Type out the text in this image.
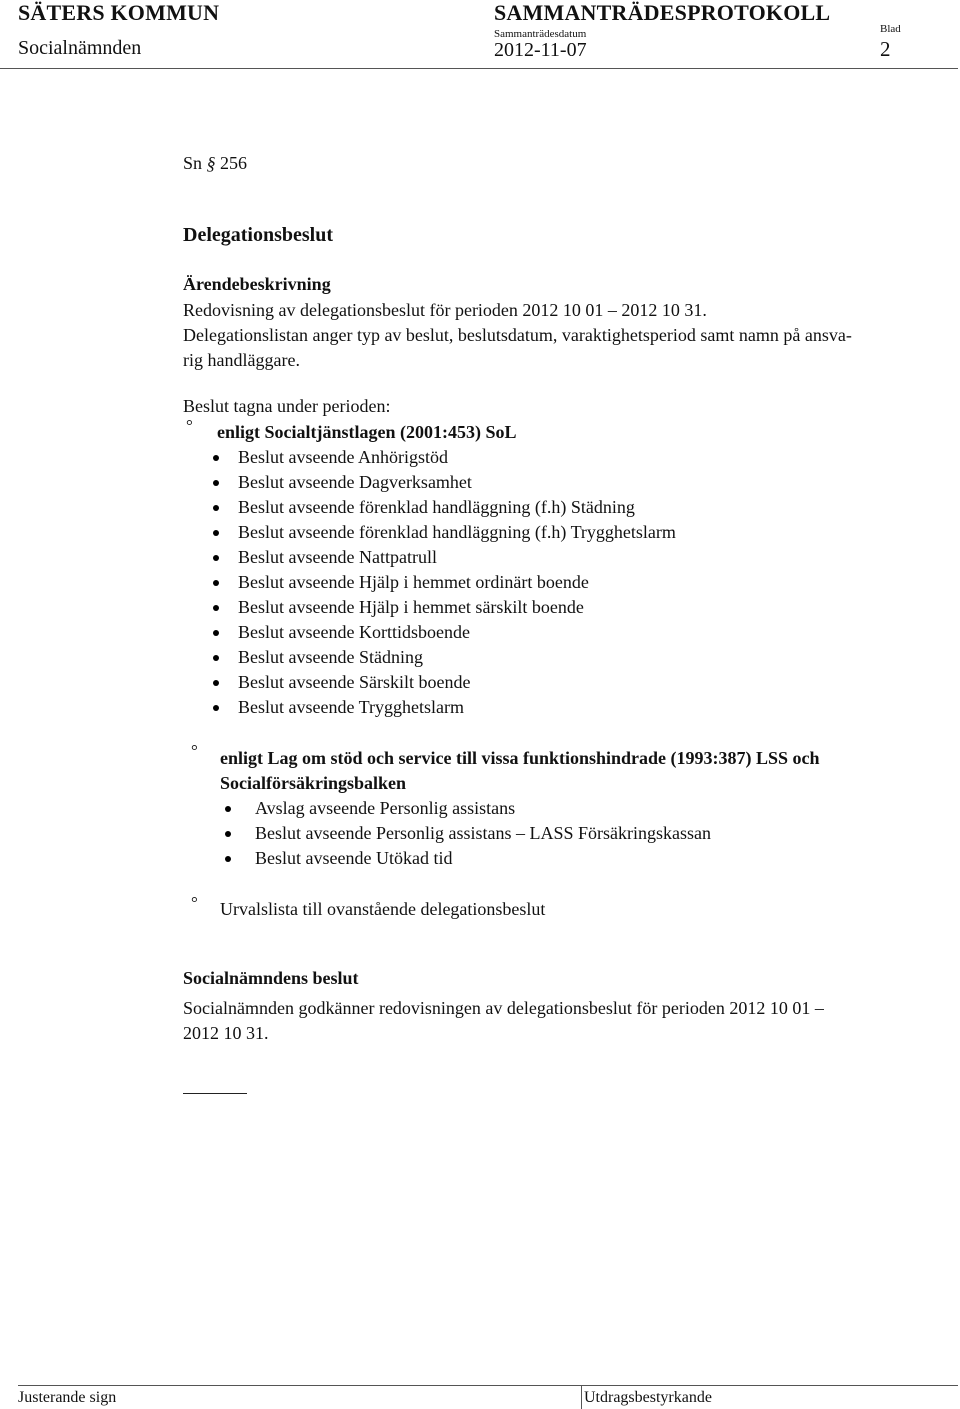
SÄTERS KOMMUN
Socialnämnden
SAMMANTRÄDESPROTOKOLL
Sammanträdesdatum
2012-11-07
Blad
2
Sn § 256
Delegationsbeslut
Ärendebeskrivning
Redovisning av delegationsbeslut för perioden 2012 10 01 – 2012 10 31.
Delegationslistan anger typ av beslut, beslutsdatum, varaktighetsperiod samt namn på ansva-
rig handläggare.
Beslut tagna under perioden:
° enligt Socialtjänstlagen (2001:453) SoL
Beslut avseende Anhörigstöd
Beslut avseende Dagverksamhet
Beslut avseende förenklad handläggning (f.h) Städning
Beslut avseende förenklad handläggning (f.h) Trygghetslarm
Beslut avseende Nattpatrull
Beslut avseende Hjälp i hemmet ordinärt boende
Beslut avseende Hjälp i hemmet särskilt boende
Beslut avseende Korttidsboende
Beslut avseende Städning
Beslut avseende Särskilt boende
Beslut avseende Trygghetslarm
° enligt Lag om stöd och service till vissa funktionshindrade (1993:387) LSS och
Socialförsäkringsbalken
Avslag avseende Personlig assistans
Beslut avseende Personlig assistans – LASS Försäkringskassan
Beslut avseende Utökad tid
° Urvalslista till ovanstående delegationsbeslut
Socialnämndens beslut
Socialnämnden godkänner redovisningen av delegationsbeslut för perioden 2012 10 01 –
2012 10 31.
Justerande sign	Utdragsbestyrkande
